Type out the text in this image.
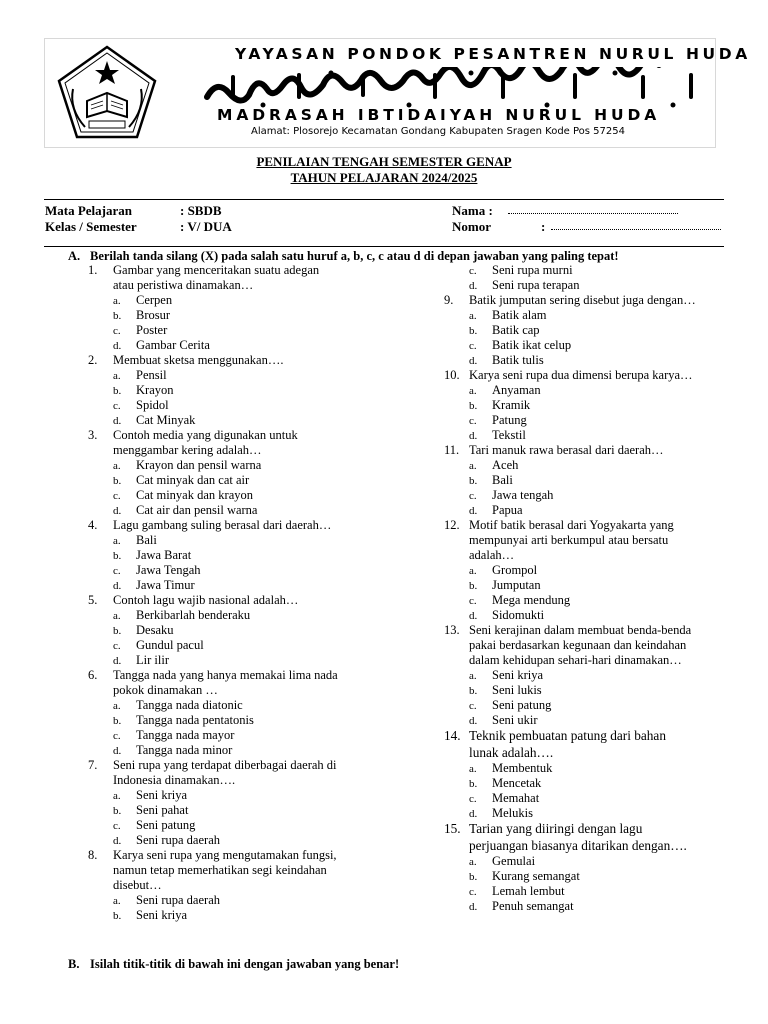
YAYASAN PONDOK PESANTREN NURUL HUDA
MADRASAH IBTIDAIYAH NURUL HUDA
Alamat: Plosorejo Kecamatan Gondang Kabupaten Sragen Kode Pos 57254
PENILAIAN TENGAH SEMESTER GENAP
TAHUN PELAJARAN 2024/2025
Mata Pelajaran	: SBDB
Kelas / Semester	: V/ DUA
Nama :
Nomor	:
A. Berilah tanda silang (X) pada salah satu huruf a, b, c, c atau d di depan jawaban yang paling tepat!
1. Gambar yang menceritakan suatu adegan
atau peristiwa dinamakan…
a. Cerpen
b. Brosur
c. Poster
d. Gambar Cerita
2. Membuat sketsa menggunakan….
a. Pensil
b. Krayon
c. Spidol
d. Cat Minyak
3. Contoh media yang digunakan untuk
menggambar kering adalah…
a. Krayon dan pensil warna
b. Cat minyak dan cat air
c. Cat minyak dan krayon
d. Cat air dan pensil warna
4. Lagu gambang suling berasal dari daerah…
a. Bali
b. Jawa Barat
c. Jawa Tengah
d. Jawa Timur
5. Contoh lagu wajib nasional adalah…
a. Berkibarlah benderaku
b. Desaku
c. Gundul pacul
d. Lir ilir
6. Tangga nada yang hanya memakai lima nada
pokok dinamakan …
a. Tangga nada diatonic
b. Tangga nada pentatonis
c. Tangga nada mayor
d. Tangga nada minor
7. Seni rupa yang terdapat diberbagai daerah di
Indonesia dinamakan….
a. Seni kriya
b. Seni pahat
c. Seni patung
d. Seni rupa daerah
8. Karya seni rupa yang mengutamakan fungsi,
namun tetap memerhatikan segi keindahan
disebut…
a. Seni rupa daerah
b. Seni kriya
c. Seni rupa murni
d. Seni rupa terapan
9. Batik jumputan sering disebut juga dengan…
a. Batik alam
b. Batik cap
c. Batik ikat celup
d. Batik tulis
10. Karya seni rupa dua dimensi berupa karya…
a. Anyaman
b. Kramik
c. Patung
d. Tekstil
11. Tari manuk rawa berasal dari daerah…
a. Aceh
b. Bali
c. Jawa tengah
d. Papua
12. Motif batik berasal dari Yogyakarta yang
mempunyai arti berkumpul atau bersatu
adalah…
a. Grompol
b. Jumputan
c. Mega mendung
d. Sidomukti
13. Seni kerajinan dalam membuat benda-benda
pakai berdasarkan kegunaan dan keindahan
dalam kehidupan sehari-hari dinamakan…
a. Seni kriya
b. Seni lukis
c. Seni patung
d. Seni ukir
14. Teknik pembuatan patung dari bahan
lunak adalah….
a. Membentuk
b. Mencetak
c. Memahat
d. Melukis
15. Tarian yang diiringi dengan lagu
perjuangan biasanya ditarikan dengan….
a. Gemulai
b. Kurang semangat
c. Lemah lembut
d. Penuh semangat
B. Isilah titik-titik di bawah ini dengan jawaban yang benar!
